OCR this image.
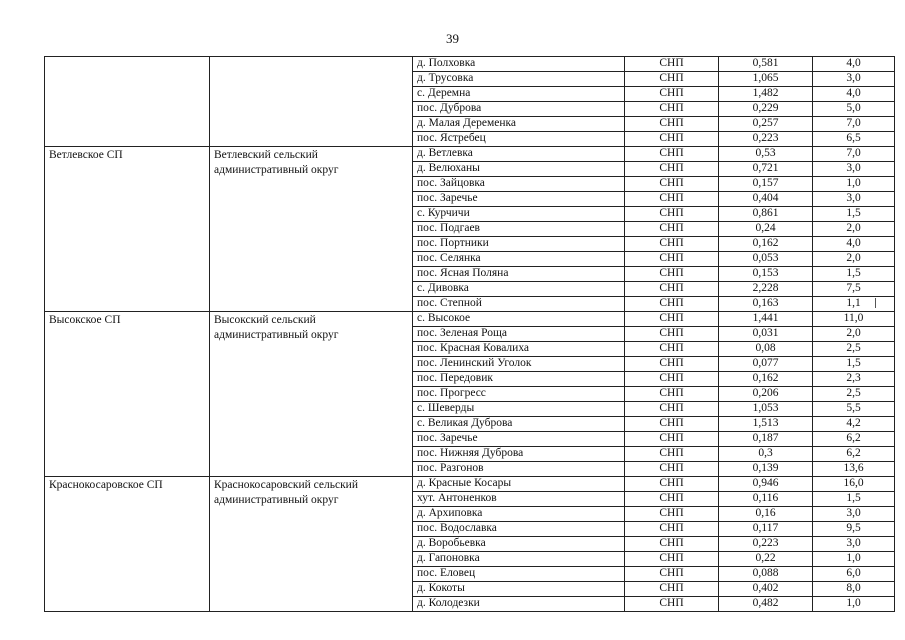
39
		д. Полховка	СНП	0,581	4,0
		д. Трусовка	СНП	1,065	3,0
		с. Деремна	СНП	1,482	4,0
		пос. Дуброва	СНП	0,229	5,0
		д. Малая Деременка	СНП	0,257	7,0
		пос. Ястребец	СНП	0,223	6,5
Ветлевское СП	Ветлевский сельский административный округ	д. Ветлевка	СНП	0,53	7,0
		д. Велюханы	СНП	0,721	3,0
		пос. Зайцовка	СНП	0,157	1,0
		пос. Заречье	СНП	0,404	3,0
		с. Курчичи	СНП	0,861	1,5
		пос. Подгаев	СНП	0,24	2,0
		пос. Портники	СНП	0,162	4,0
		пос. Селянка	СНП	0,053	2,0
		пос. Ясная Поляна	СНП	0,153	1,5
		с. Дивовка	СНП	2,228	7,5
		пос. Степной	СНП	0,163	1,1
Высокское СП	Высокский сельский административный округ	с. Высокое	СНП	1,441	11,0
		пос. Зеленая Роща	СНП	0,031	2,0
		пос. Красная Ковалиха	СНП	0,08	2,5
		пос. Ленинский Уголок	СНП	0,077	1,5
		пос. Передовик	СНП	0,162	2,3
		пос. Прогресс	СНП	0,206	2,5
		с. Шеверды	СНП	1,053	5,5
		с. Великая Дуброва	СНП	1,513	4,2
		пос. Заречье	СНП	0,187	6,2
		пос. Нижняя Дуброва	СНП	0,3	6,2
		пос. Разгонов	СНП	0,139	13,6
Краснокосаровское СП	Краснокосаровский сельский административный округ	д. Красные Косары	СНП	0,946	16,0
		хут. Антоненков	СНП	0,116	1,5
		д. Архиповка	СНП	0,16	3,0
		пос. Водославка	СНП	0,117	9,5
		д. Воробьевка	СНП	0,223	3,0
		д. Гапоновка	СНП	0,22	1,0
		пос. Еловец	СНП	0,088	6,0
		д. Кокоты	СНП	0,402	8,0
		д. Колодезки	СНП	0,482	1,0
